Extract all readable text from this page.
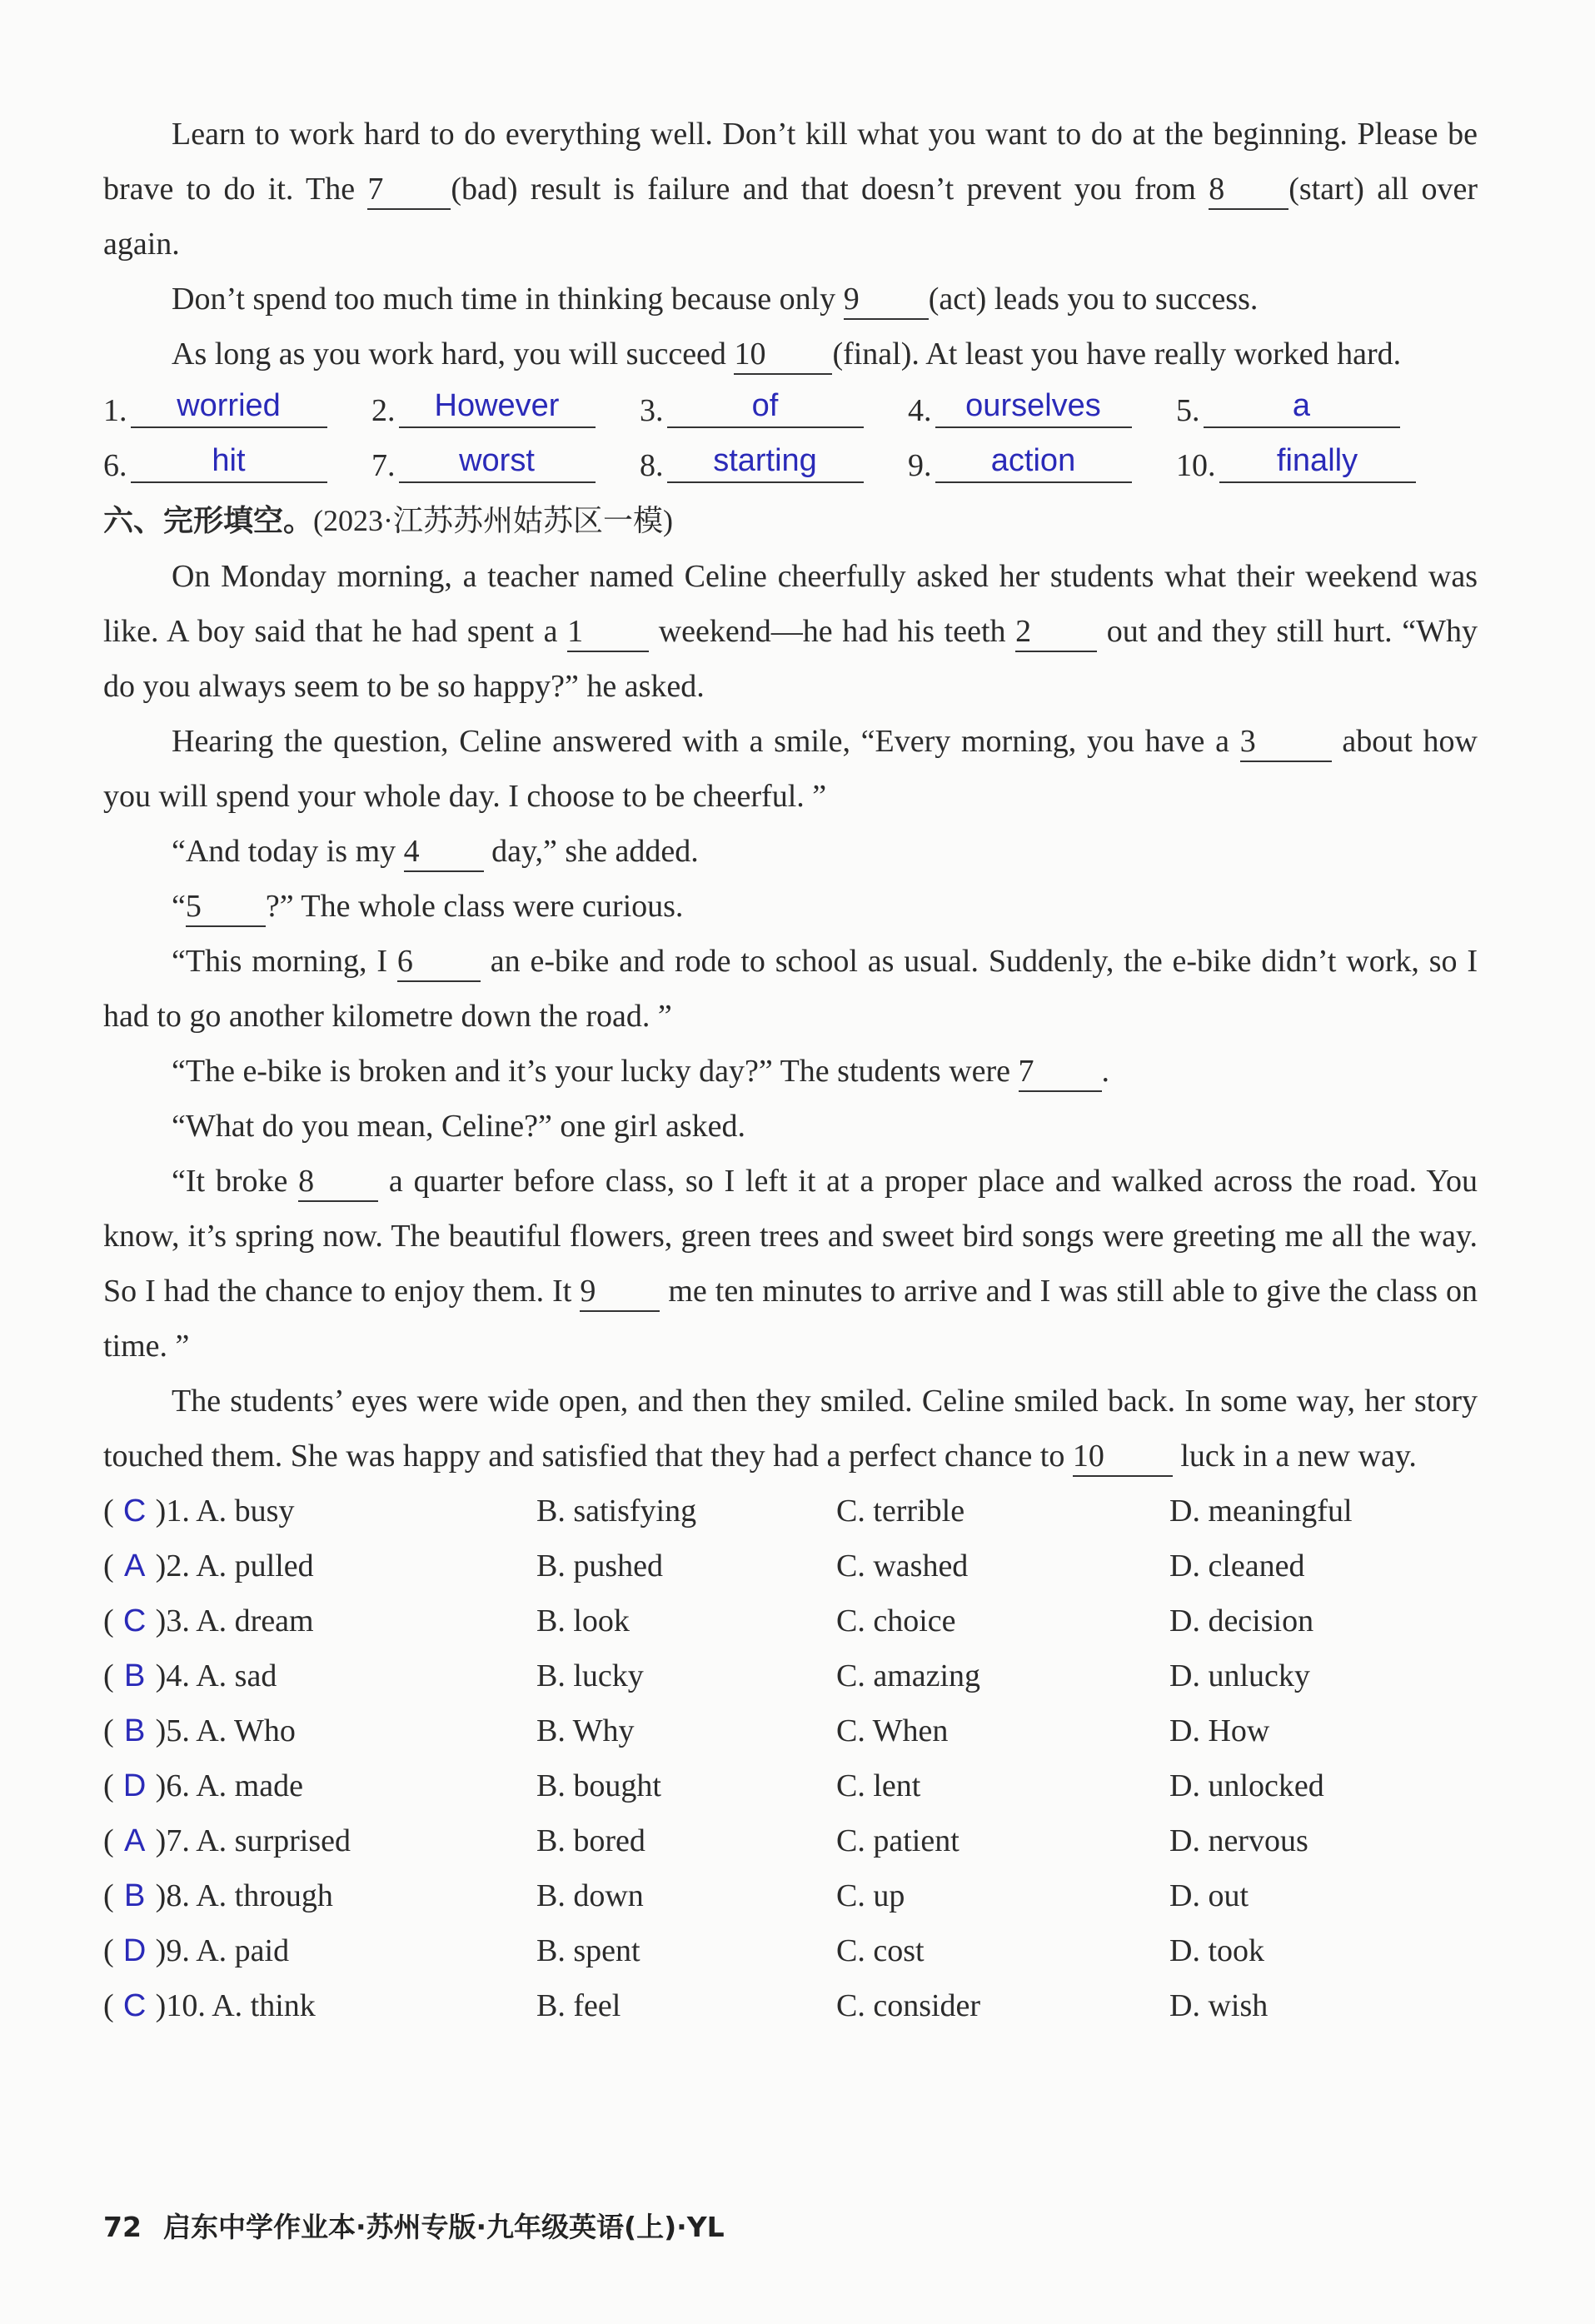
Learn to work hard to do everything well. Don’t kill what you want to do at the beginning. Please be brave to do it. The 7 (bad) result is failure and that doesn’t prevent you from 8 (start) all over again.

Don’t spend too much time in thinking because only 9 (act) leads you to success.

As long as you work hard, you will succeed 10 (final). At least you have really worked hard.

1.	worried	2.	However	3.	of	4.	ourselves	5.	a
6.	hit	7.	worst	8.	starting	9.	action	10.	finally

六、完形填空。(2023·江苏苏州姑苏区一模)

On Monday morning, a teacher named Celine cheerfully asked her students what their weekend was like. A boy said that he had spent a 1 weekend—he had his teeth 2 out and they still hurt. “Why do you always seem to be so happy?” he asked.

Hearing the question, Celine answered with a smile, “Every morning, you have a 3 about how you will spend your whole day. I choose to be cheerful. ”

“And today is my 4 day,” she added.

“5 ?” The whole class were curious.

“This morning, I 6 an e-bike and rode to school as usual. Suddenly, the e-bike didn’t work, so I had to go another kilometre down the road. ”

“The e-bike is broken and it’s your lucky day?” The students were 7 .

“What do you mean, Celine?” one girl asked.

“It broke 8 a quarter before class, so I left it at a proper place and walked across the road. You know, it’s spring now. The beautiful flowers, green trees and sweet bird songs were greeting me all the way. So I had the chance to enjoy them. It 9 me ten minutes to arrive and I was still able to give the class on time. ”

The students’ eyes were wide open, and then they smiled. Celine smiled back. In some way, her story touched them. She was happy and satisfied that they had a perfect chance to 10 luck in a new way.

( C )1. A. busy	B. satisfying	C. terrible	D. meaningful
( A )2. A. pulled	B. pushed	C. washed	D. cleaned
( C )3. A. dream	B. look	C. choice	D. decision
( B )4. A. sad	B. lucky	C. amazing	D. unlucky
( B )5. A. Who	B. Why	C. When	D. How
( D )6. A. made	B. bought	C. lent	D. unlocked
( A )7. A. surprised	B. bored	C. patient	D. nervous
( B )8. A. through	B. down	C. up	D. out
( D )9. A. paid	B. spent	C. cost	D. took
( C )10. A. think	B. feel	C. consider	D. wish
72 启东中学作业本·苏州专版·九年级英语(上)·YL
